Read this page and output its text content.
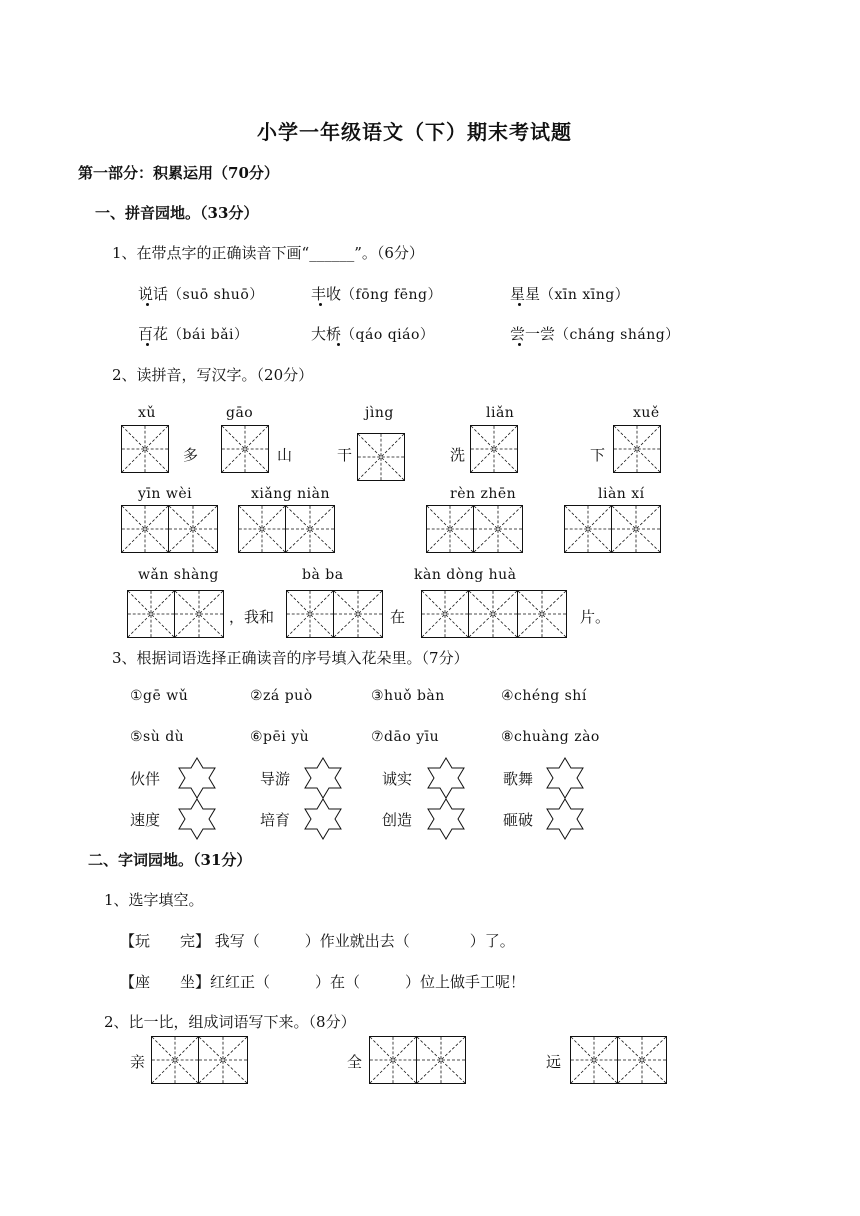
小学一年级语文（下）期末考试题
第一部分：积累运用（70分）
一、拼音园地。（33分）
1、在带点字的正确读音下画“______”。（6分）
说话（suō shuō）	丰收（fōng fēng）	星星（xīn xīng）
百花（bái bǎi）	大桥（qáo qiáo）	尝一尝（cháng sháng）
2、读拼音，写汉字。（20分）
xǔ	gāo	jìng	liǎn	xuě
多	山	干	洗	下
yīn wèi	xiǎng niàn	rèn zhēn	liàn xí
wǎn shàng	bà ba	kàn dòng huà
，我和	在	片。
3、根据词语选择正确读音的序号填入花朵里。（7分）
①gē wǔ	②zá può	③huǒ bàn	④chéng shí
⑤sù dù	⑥pēi yù	⑦dāo yīu	⑧chuàng zào
伙伴	导游	诚实	歌舞
速度	培育	创造	砸破
二、字词园地。（31分）
1、选字填空。
【玩　　完】 我写（　　　）作业就出去（　　　　）了。
【座　　坐】红红正（　　　）在（　　　）位上做手工呢！
2、比一比，组成词语写下来。（8分）
亲	全	远
